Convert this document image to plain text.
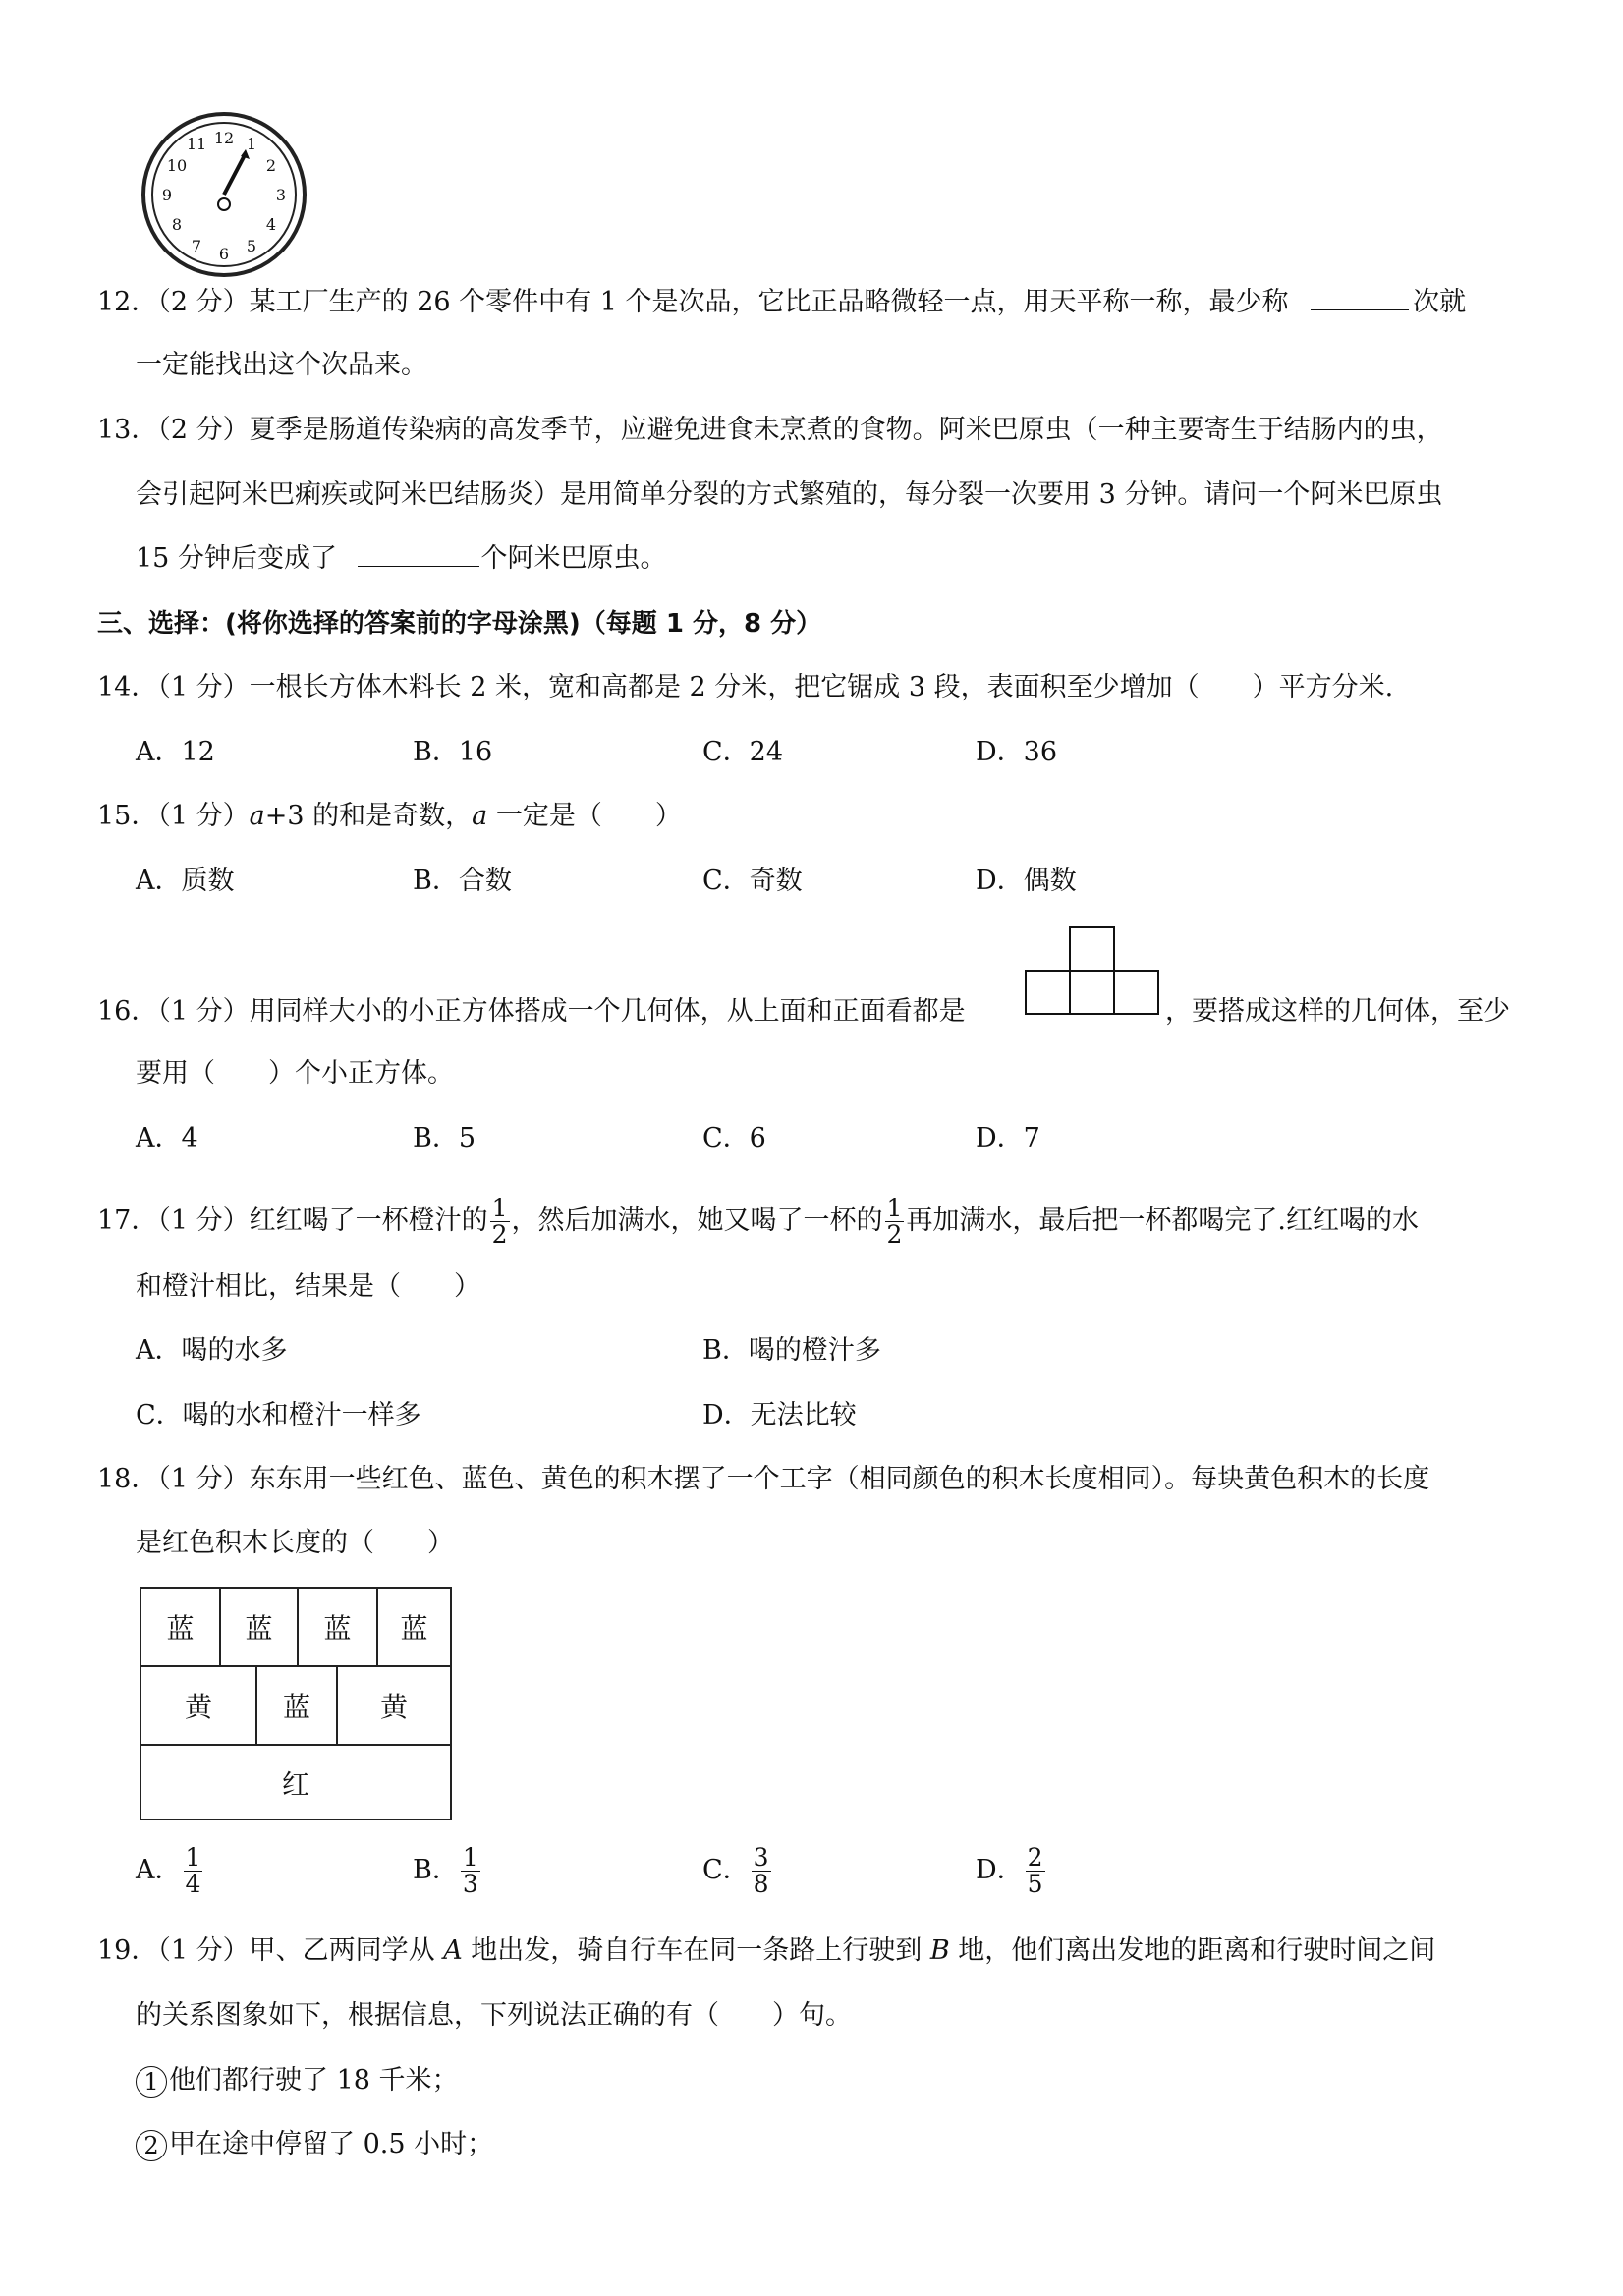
12 1
2
3
4
5
6
7
8
9
10
11
12．（2 分）某工厂生产的 26 个零件中有 1 个是次品，它比正品略微轻一点，用天平称一称，最少称	次就
一定能找出这个次品来。
13．（2 分）夏季是肠道传染病的高发季节，应避免进食未烹煮的食物。阿米巴原虫（一种主要寄生于结肠内的虫，
会引起阿米巴痢疾或阿米巴结肠炎）是用简单分裂的方式繁殖的，每分裂一次要用 3 分钟。请问一个阿米巴原虫
15 分钟后变成了	个阿米巴原虫。
三、选择：(将你选择的答案前的字母涂黑)（每题 1 分，8 分）
14．（1 分）一根长方体木料长 2 米，宽和高都是 2 分米，把它锯成 3 段，表面积至少增加（　　）平方分米.
A．12	B．16	C．24	D．36
15．（1 分）a+3 的和是奇数，a 一定是（　　）
A．质数	B．合数	C．奇数	D．偶数
16．（1 分）用同样大小的小正方体搭成一个几何体，从上面和正面看都是	，要搭成这样的几何体，至少
要用（　　）个小正方体。
A．4	B．5	C．6	D．7
17．（1 分）红红喝了一杯橙汁的 $\frac{1}{2}$ ，然后加满水，她又喝了一杯的 $\frac{1}{2}$ 再加满水，最后把一杯都喝完了.红红喝的水
和橙汁相比，结果是（　　）
A．喝的水多	B．喝的橙汁多
C．喝的水和橙汁一样多	D．无法比较
18．（1 分）东东用一些红色、蓝色、黄色的积木摆了一个工字（相同颜色的积木长度相同）。每块黄色积木的长度
是红色积木长度的（　　）
蓝	蓝	蓝	蓝
黄	蓝	黄
红
A． $\frac{1}{4}$	B． $\frac{1}{3}$	C． $\frac{3}{8}$	D． $\frac{2}{5}$
19．（1 分）甲、乙两同学从 A 地出发，骑自行车在同一条路上行驶到 B 地，他们离出发地的距离和行驶时间之间
的关系图象如下，根据信息，下列说法正确的有（　　）句。
1 他们都行驶了 18 千米；
2 甲在途中停留了 0.5 小时；
